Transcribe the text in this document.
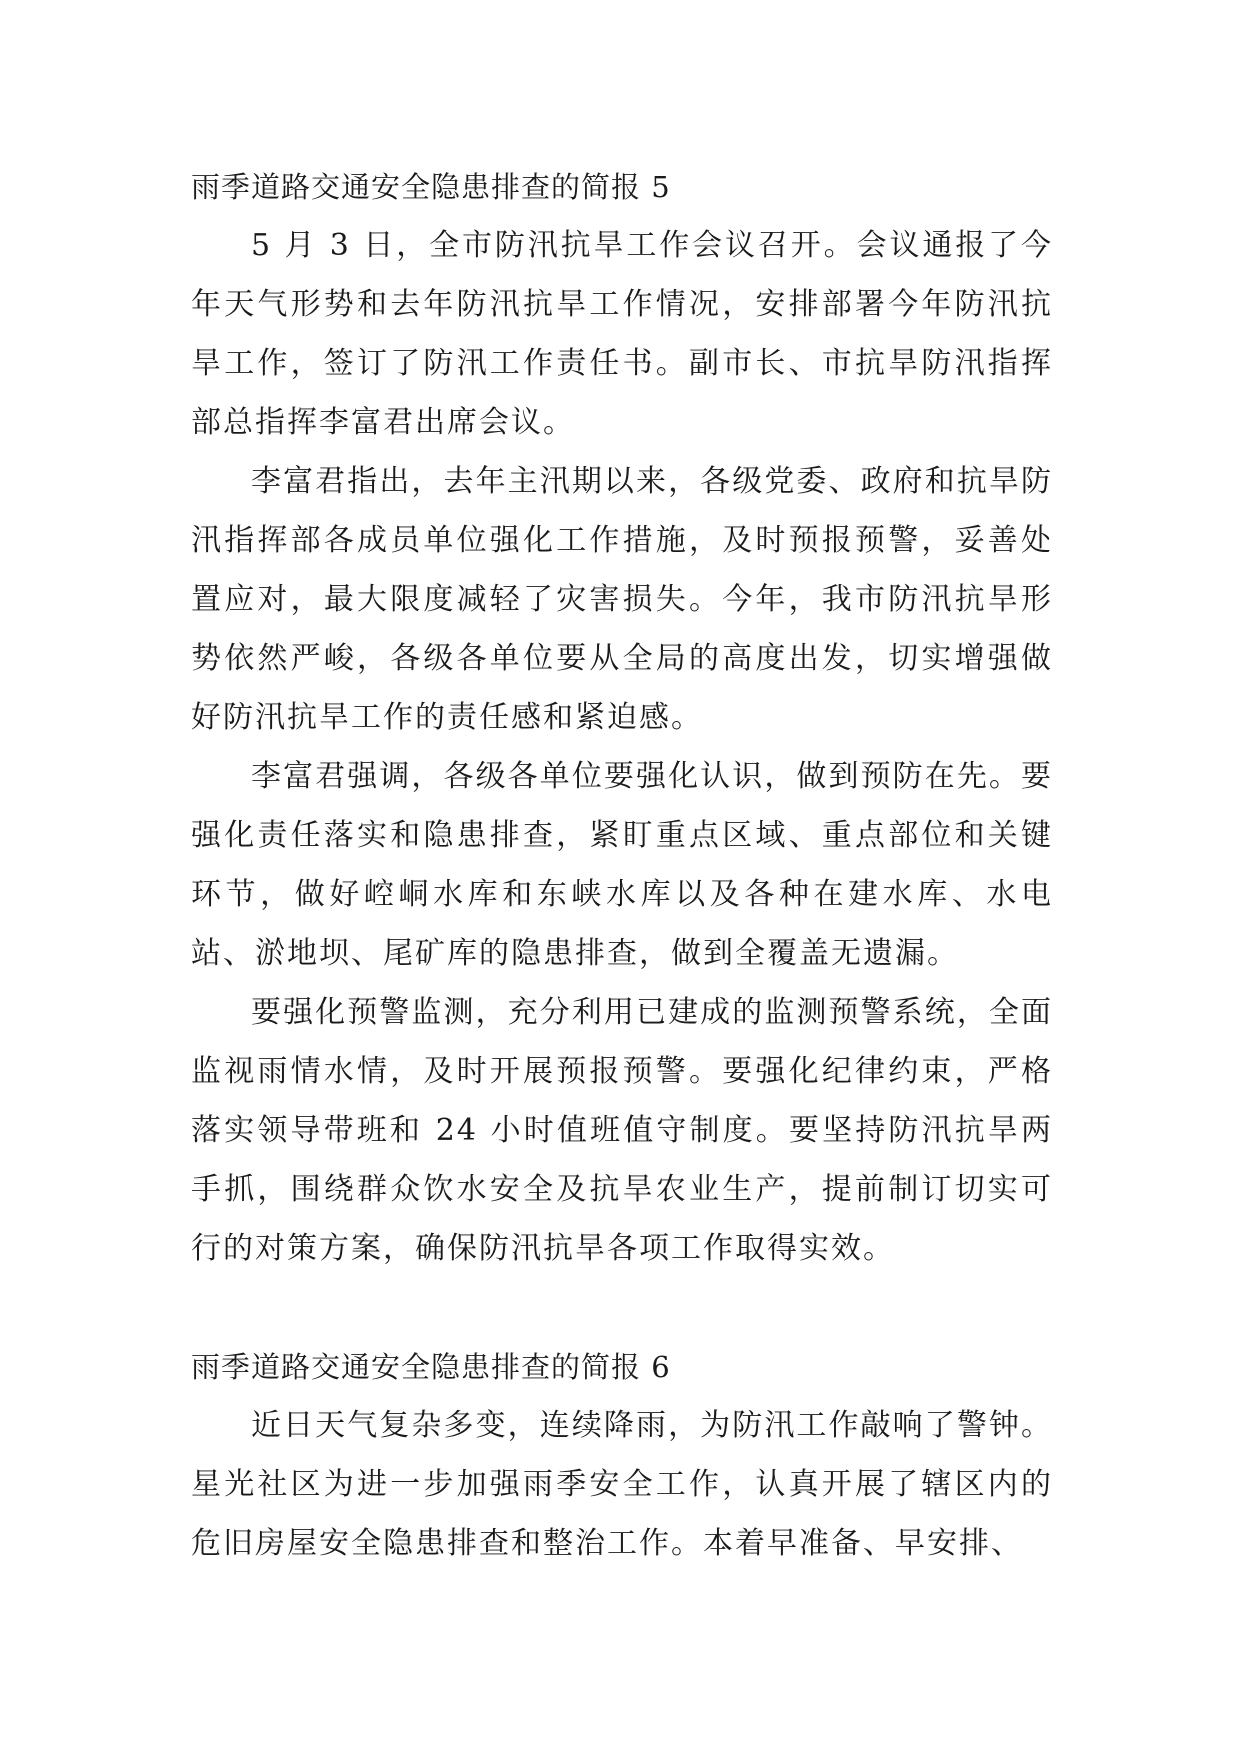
雨季道路交通安全隐患排查的简报 5

5 月 3 日，全市防汛抗旱工作会议召开。会议通报了今年天气形势和去年防汛抗旱工作情况，安排部署今年防汛抗旱工作，签订了防汛工作责任书。副市长、市抗旱防汛指挥部总指挥李富君出席会议。

李富君指出，去年主汛期以来，各级党委、政府和抗旱防汛指挥部各成员单位强化工作措施，及时预报预警，妥善处置应对，最大限度减轻了灾害损失。今年，我市防汛抗旱形势依然严峻，各级各单位要从全局的高度出发，切实增强做好防汛抗旱工作的责任感和紧迫感。

李富君强调，各级各单位要强化认识，做到预防在先。要强化责任落实和隐患排查，紧盯重点区域、重点部位和关键环节，做好崆峒水库和东峡水库以及各种在建水库、水电站、淤地坝、尾矿库的隐患排查，做到全覆盖无遗漏。

要强化预警监测，充分利用已建成的监测预警系统，全面监视雨情水情，及时开展预报预警。要强化纪律约束，严格落实领导带班和 24 小时值班值守制度。要坚持防汛抗旱两手抓，围绕群众饮水安全及抗旱农业生产，提前制订切实可行的对策方案，确保防汛抗旱各项工作取得实效。

雨季道路交通安全隐患排查的简报 6

近日天气复杂多变，连续降雨，为防汛工作敲响了警钟。星光社区为进一步加强雨季安全工作，认真开展了辖区内的危旧房屋安全隐患排查和整治工作。本着早准备、早安排、
